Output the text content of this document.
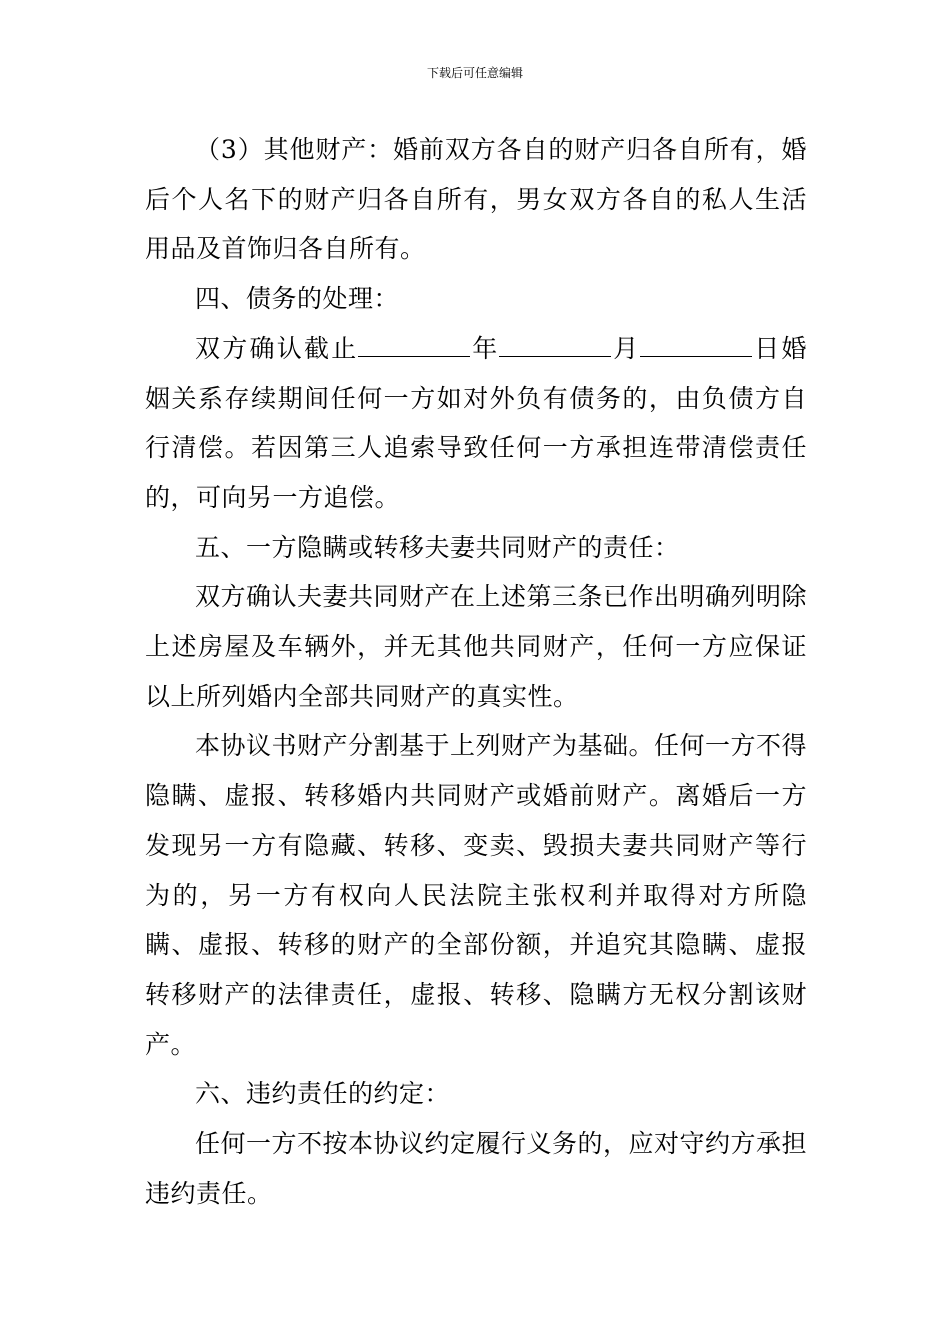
下载后可任意编辑

（3）其他财产：婚前双方各自的财产归各自所有，婚后个人名下的财产归各自所有，男女双方各自的私人生活用品及首饰归各自所有。

四、债务的处理：

双方确认截止	年	月	日婚姻关系存续期间任何一方如对外负有债务的，由负债方自行清偿。若因第三人追索导致任何一方承担连带清偿责任的，可向另一方追偿。

五、一方隐瞒或转移夫妻共同财产的责任：

双方确认夫妻共同财产在上述第三条已作出明确列明除上述房屋及车辆外，并无其他共同财产，任何一方应保证以上所列婚内全部共同财产的真实性。

本协议书财产分割基于上列财产为基础。任何一方不得隐瞒、虚报、转移婚内共同财产或婚前财产。离婚后一方发现另一方有隐藏、转移、变卖、毁损夫妻共同财产等行为的，另一方有权向人民法院主张权利并取得对方所隐瞒、虚报、转移的财产的全部份额，并追究其隐瞒、虚报转移财产的法律责任，虚报、转移、隐瞒方无权分割该财产。

六、违约责任的约定：

任何一方不按本协议约定履行义务的，应对守约方承担违约责任。
